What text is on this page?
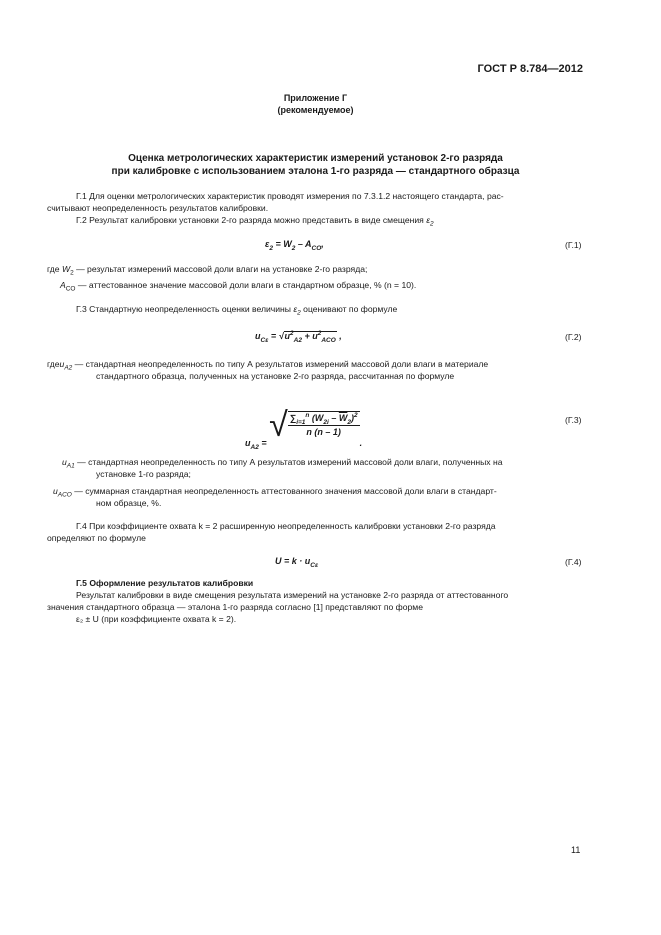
ГОСТ Р 8.784—2012
Приложение Г
(рекомендуемое)
Оценка метрологических характеристик измерений установок 2-го разряда
при калибровке с использованием эталона 1-го разряда — стандартного образца
Г.1 Для оценки метрологических характеристик проводят измерения по 7.3.1.2 настоящего стандарта, рас-
считывают неопределенность результатов калибровки.
Г.2 Результат калибровки установки 2-го разряда можно представить в виде смещения $\varepsilon_2$
$\varepsilon_2 = W_2 - A_{CO}$,	(Г.1)
где $W_2$ — результат измерений массовой доли влаги на установке 2-го разряда;
$A_{CO}$ — аттестованное значение массовой доли влаги в стандартном образце, % (n = 10).
Г.3 Стандартную неопределенность оценки величины $\varepsilon_2$ оценивают по формуле
$u_{C\varepsilon} = √u^2_{A2} + u^2_{ACO}$ ,	(Г.2)
гдеu$_{A2}$ — стандартная неопределенность по типу А результатов измерений массовой доли влаги в материале
стандартного образца, полученных на установке 2-го разряда, рассчитанная по формуле
$u_{A2}$ = √ $\frac{\sum_{i=1}^n (W_{2i} - \overline{W}_2)^2}{n (n - 1)}$
.
(Г.3)
$u_{A1}$ — стандартная неопределенность по типу А результатов измерений массовой доли влаги, полученных на
установке 1-го разряда;
$u_{ACO}$ — суммарная стандартная неопределенность аттестованного значения массовой доли влаги в стандарт-
ном образце, %.
Г.4 При коэффициенте охвата k = 2 расширенную неопределенность калибровки установки 2-го разряда
определяют по формуле
$U = k \cdot u_{C\varepsilon}$	(Г.4)
Г.5 Оформление результатов калибровки
Результат калибровки в виде смещения результата измерений на установке 2-го разряда от аттестованного
значения стандартного образца — эталона 1-го разряда согласно [1] представляют по форме
ε₂ ± U (при коэффициенте охвата k = 2).
11
